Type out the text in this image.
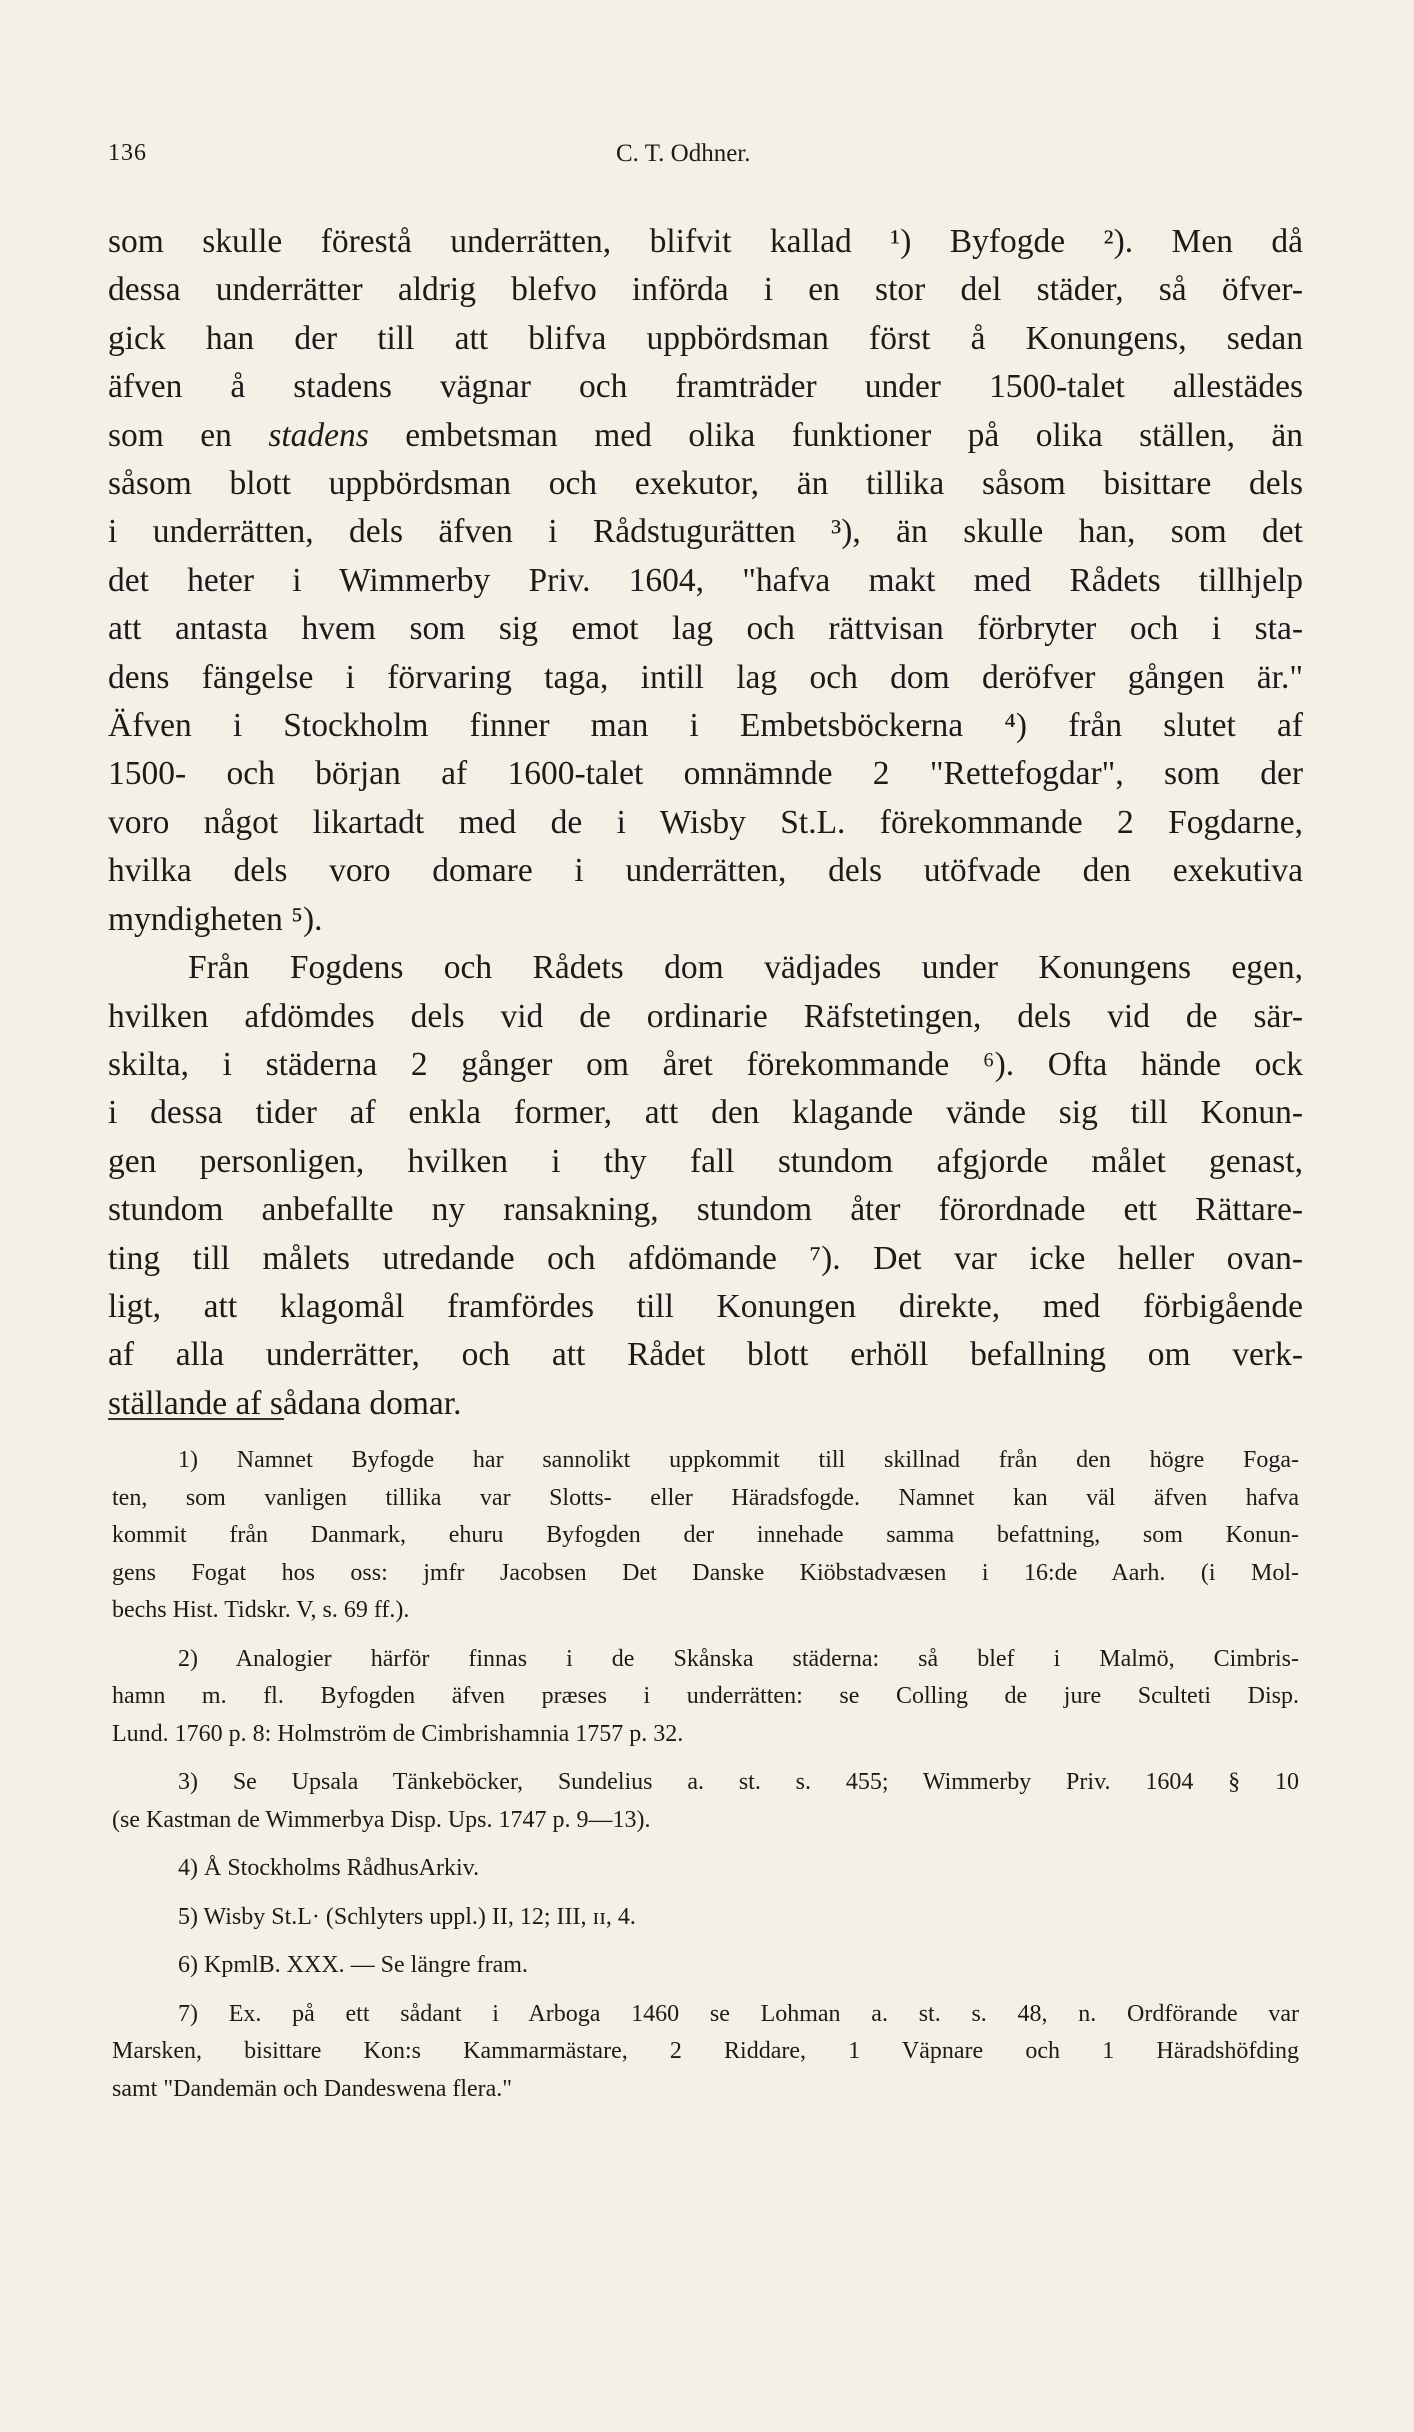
136	C. T. Odhner.
som skulle förestå underrätten, blifvit kallad ¹) Byfogde ²). Men då
dessa underrätter aldrig blefvo införda i en stor del städer, så öfver-
gick han der till att blifva uppbördsman först å Konungens, sedan
äfven å stadens vägnar och framträder under 1500-talet allestädes
som en stadens embetsman med olika funktioner på olika ställen, än
såsom blott uppbördsman och exekutor, än tillika såsom bisittare dels
i underrätten, dels äfven i Rådstugurätten ³), än skulle han, som det
det heter i Wimmerby Priv. 1604, "hafva makt med Rådets tillhjelp
att antasta hvem som sig emot lag och rättvisan förbryter och i sta-
dens fängelse i förvaring taga, intill lag och dom deröfver gången är."
Äfven i Stockholm finner man i Embetsböckerna ⁴) från slutet af
1500- och början af 1600-talet omnämnde 2 "Rettefogdar", som der
voro något likartadt med de i Wisby St.L. förekommande 2 Fogdarne,
hvilka dels voro domare i underrätten, dels utöfvade den exekutiva
myndigheten ⁵).
Från Fogdens och Rådets dom vädjades under Konungens egen,
hvilken afdömdes dels vid de ordinarie Räfstetingen, dels vid de sär-
skilta, i städerna 2 gånger om året förekommande ⁶). Ofta hände ock
i dessa tider af enkla former, att den klagande vände sig till Konun-
gen personligen, hvilken i thy fall stundom afgjorde målet genast,
stundom anbefallte ny ransakning, stundom åter förordnade ett Rättare-
ting till målets utredande och afdömande ⁷). Det var icke heller ovan-
ligt, att klagomål framfördes till Konungen direkte, med förbigående
af alla underrätter, och att Rådet blott erhöll befallning om verk-
ställande af sådana domar.
1) Namnet Byfogde har sannolikt uppkommit till skillnad från den högre Foga-
ten, som vanligen tillika var Slotts- eller Häradsfogde. Namnet kan väl äfven hafva
kommit från Danmark, ehuru Byfogden der innehade samma befattning, som Konun-
gens Fogat hos oss: jmfr Jacobsen Det Danske Kiöbstadvæsen i 16:de Aarh. (i Mol-
bechs Hist. Tidskr. V, s. 69 ff.).
2) Analogier härför finnas i de Skånska städerna: så blef i Malmö, Cimbris-
hamn m. fl. Byfogden äfven præses i underrätten: se Colling de jure Sculteti Disp.
Lund. 1760 p. 8: Holmström de Cimbrishamnia 1757 p. 32.
3) Se Upsala Tänkeböcker, Sundelius a. st. s. 455; Wimmerby Priv. 1604 § 10
(se Kastman de Wimmerbya Disp. Ups. 1747 p. 9—13).
4) Å Stockholms RådhusArkiv.
5) Wisby St.L· (Schlyters uppl.) II, 12; III, ɪɪ, 4.
6) KpmlB. XXX. — Se längre fram.
7) Ex. på ett sådant i Arboga 1460 se Lohman a. st. s. 48, n. Ordförande var
Marsken, bisittare Kon:s Kammarmästare, 2 Riddare, 1 Väpnare och 1 Häradshöfding
samt "Dandemän och Dandeswena flera."
